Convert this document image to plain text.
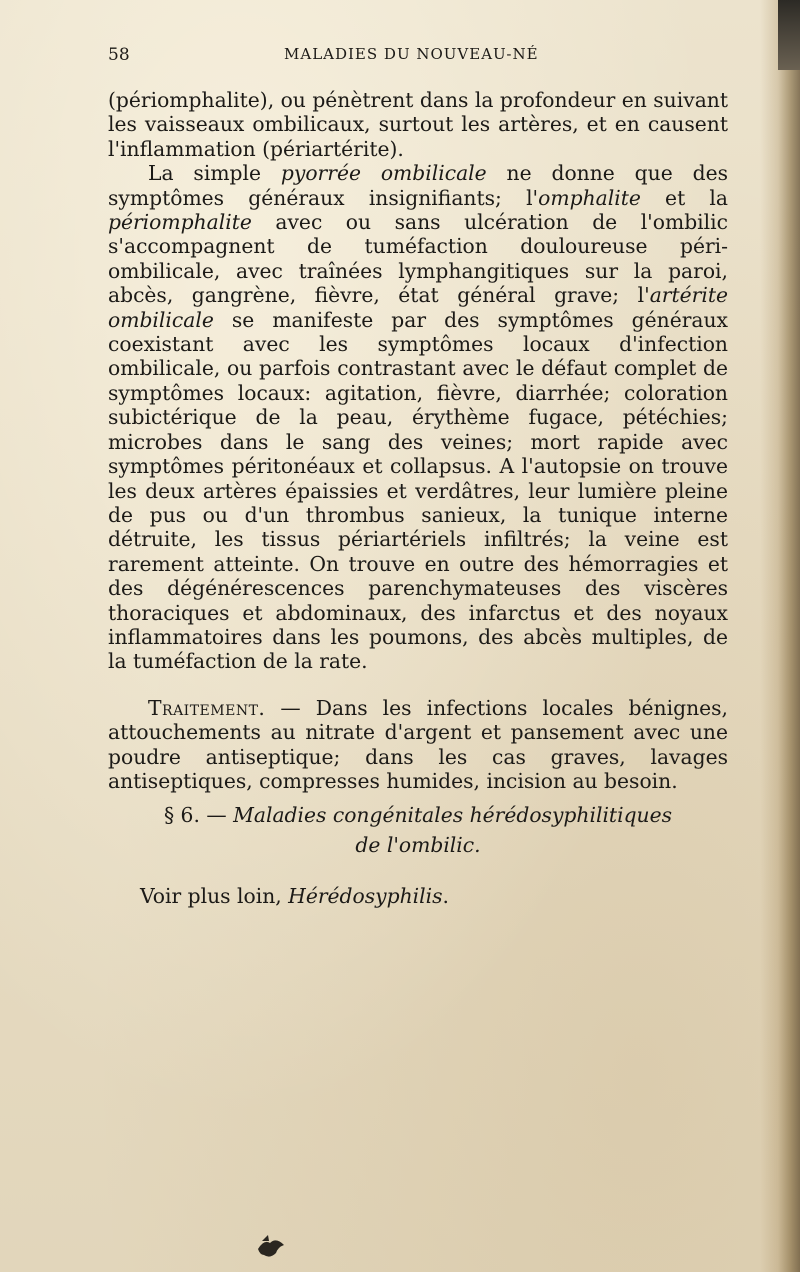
58	MALADIES DU NOUVEAU-NÉ

(périomphalite), ou pénètrent dans la profondeur en suivant les vaisseaux ombilicaux, surtout les artères, et en causent l'inflammation (périartérite).

La simple pyorrée ombilicale ne donne que des symptômes généraux insignifiants; l'omphalite et la périomphalite avec ou sans ulcération de l'ombilic s'accompagnent de tuméfaction douloureuse péri-ombilicale, avec traînées lymphangitiques sur la paroi, abcès, gangrène, fièvre, état général grave; l'artérite ombilicale se manifeste par des symptômes généraux coexistant avec les symptômes locaux d'infection ombilicale, ou parfois contrastant avec le défaut complet de symptômes locaux: agitation, fièvre, diarrhée; coloration subictérique de la peau, érythème fugace, pétéchies; microbes dans le sang des veines; mort rapide avec symptômes péritonéaux et collapsus. A l'autopsie on trouve les deux artères épaissies et verdâtres, leur lumière pleine de pus ou d'un thrombus sanieux, la tunique interne détruite, les tissus périartériels infiltrés; la veine est rarement atteinte. On trouve en outre des hémorragies et des dégénérescences parenchymateuses des viscères thoraciques et abdominaux, des infarctus et des noyaux inflammatoires dans les poumons, des abcès multiples, de la tuméfaction de la rate.

Traitement. — Dans les infections locales bénignes, attouchements au nitrate d'argent et pansement avec une poudre antiseptique; dans les cas graves, lavages antiseptiques, compresses humides, incision au besoin.

§ 6. — Maladies congénitales hérédosyphilitiques
de l'ombilic.
Voir plus loin, Hérédosyphilis.
